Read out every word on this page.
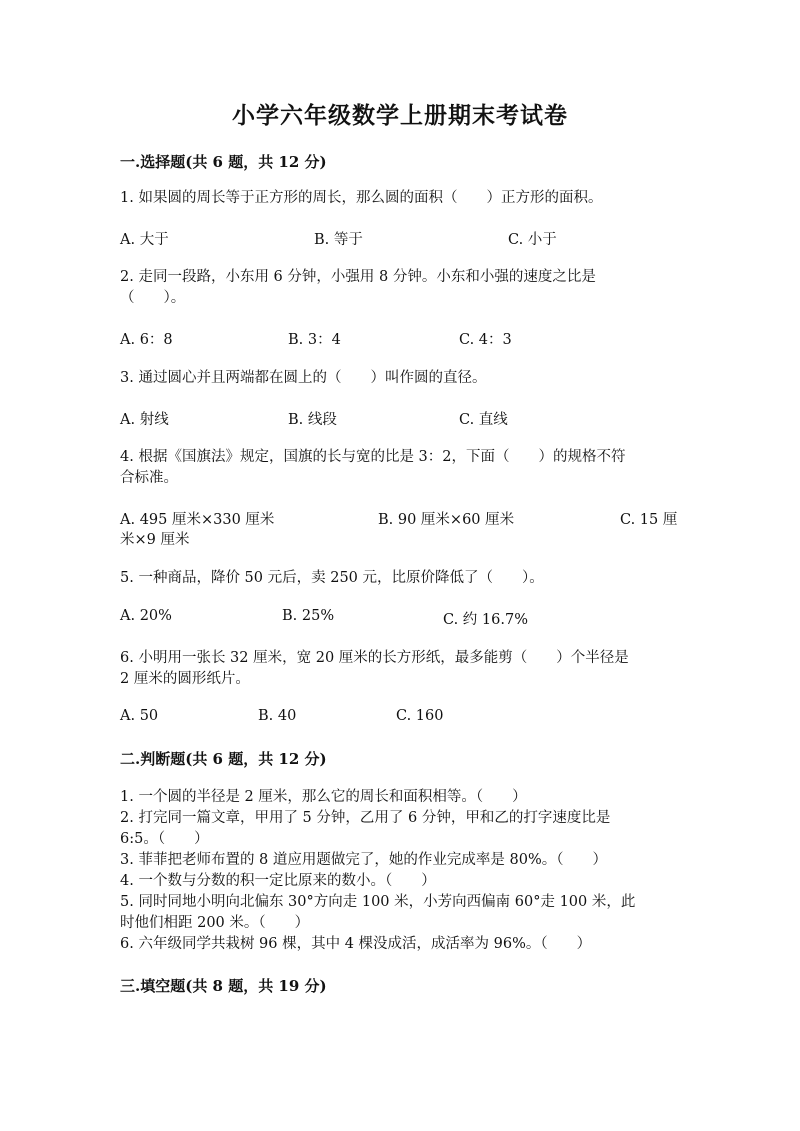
小学六年级数学上册期末考试卷
一.选择题(共 6 题，共 12 分)
1. 如果圆的周长等于正方形的周长，那么圆的面积（　　）正方形的面积。
A. 大于	B. 等于	C. 小于
2. 走同一段路，小东用 6 分钟，小强用 8 分钟。小东和小强的速度之比是
（　　）。
A. 6：8	B. 3：4	C. 4：3
3. 通过圆心并且两端都在圆上的（　　）叫作圆的直径。
A. 射线	B. 线段	C. 直线
4. 根据《国旗法》规定，国旗的长与宽的比是 3：2，下面（　　）的规格不符
合标准。
A. 495 厘米×330 厘米	B. 90 厘米×60 厘米	C. 15 厘
米×9 厘米
5. 一种商品，降价 50 元后，卖 250 元，比原价降低了（　　）。
A. 20%	B. 25%	C. 约 16.7%
6. 小明用一张长 32 厘米，宽 20 厘米的长方形纸，最多能剪（　　）个半径是
2 厘米的圆形纸片。
A. 50	B. 40	C. 160
二.判断题(共 6 题，共 12 分)
1. 一个圆的半径是 2 厘米，那么它的周长和面积相等。（　　）
2. 打完同一篇文章，甲用了 5 分钟，乙用了 6 分钟，甲和乙的打字速度比是
6:5。（　　）
3. 菲菲把老师布置的 8 道应用题做完了，她的作业完成率是 80%。（　　）
4. 一个数与分数的积一定比原来的数小。（　　）
5. 同时同地小明向北偏东 30°方向走 100 米，小芳向西偏南 60°走 100 米，此
时他们相距 200 米。（　　）
6. 六年级同学共栽树 96 棵，其中 4 棵没成活，成活率为 96%。（　　）
三.填空题(共 8 题，共 19 分)
